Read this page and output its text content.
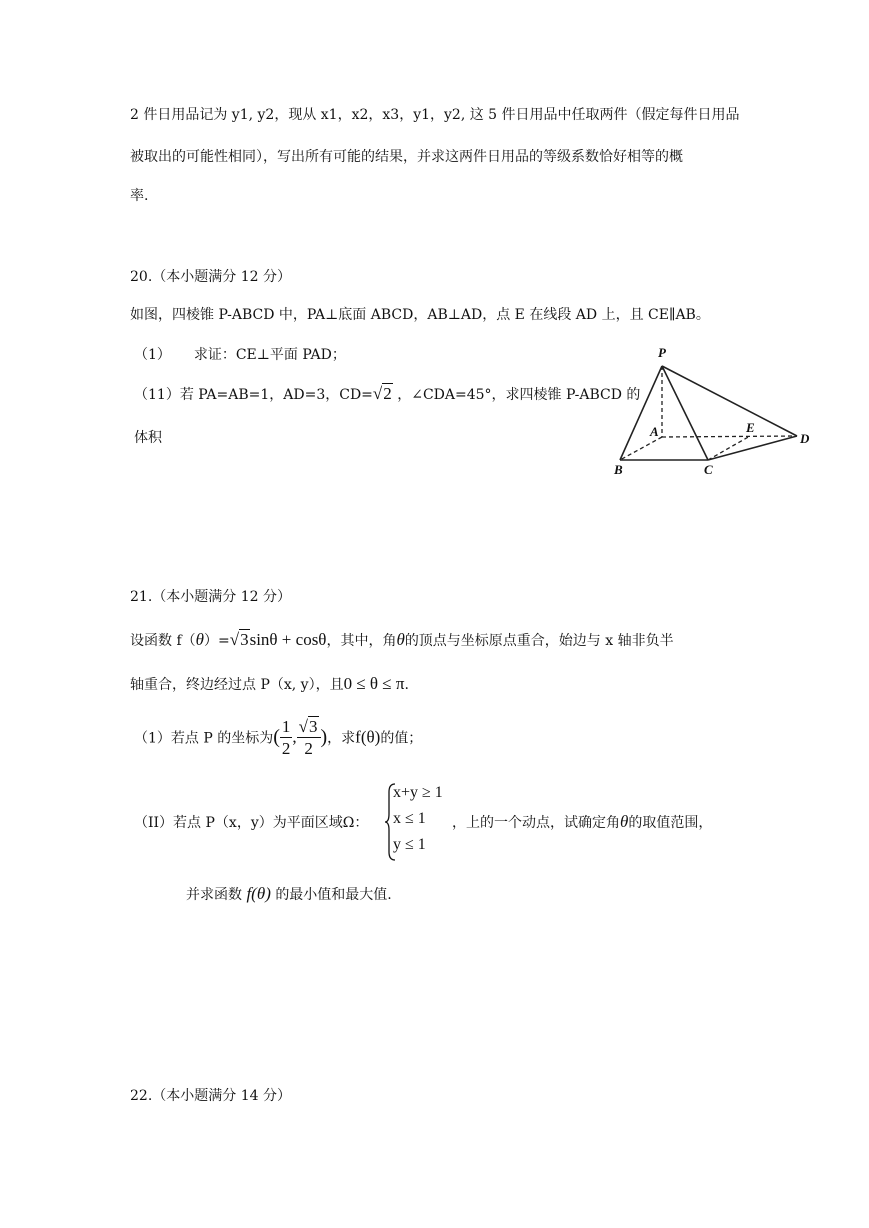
2 件日用品记为 y1, y2，现从 x1，x2，x3，y1，y2, 这 5 件日用品中任取两件（假定每件日用品
被取出的可能性相同），写出所有可能的结果，并求这两件日用品的等级系数恰好相等的概
率.
20.（本小题满分 12 分）
如图，四棱锥 P-ABCD 中，PA⊥底面 ABCD，AB⊥AD，点 E 在线段 AD 上，且 CE∥AB。
（1） 求证：CE⊥平面 PAD；
（11）若 PA=AB=1，AD=3，CD=√2 ，∠CDA=45°，求四棱锥 P-ABCD 的
体积
P
A	E
D
B	C
21.（本小题满分 12 分）
设函数 f（θ）=√3sinθ + cosθ，其中，角θ的顶点与坐标原点重合，始边与 x 轴非负半
轴重合，终边经过点 P（x, y），且0 ≤ θ ≤ π.
（1）若点 P 的坐标为( $\frac{1}{2}$ , $\frac{√3}{2}$ )，求f(θ)的值；
（II）若点 P（x，y）为平面区域Ω：
x+y ≥ 1
x ≤ 1
y ≤ 1
，上的一个动点，试确定角θ的取值范围，
并求函数 f(θ) 的最小值和最大值.
22.（本小题满分 14 分）
